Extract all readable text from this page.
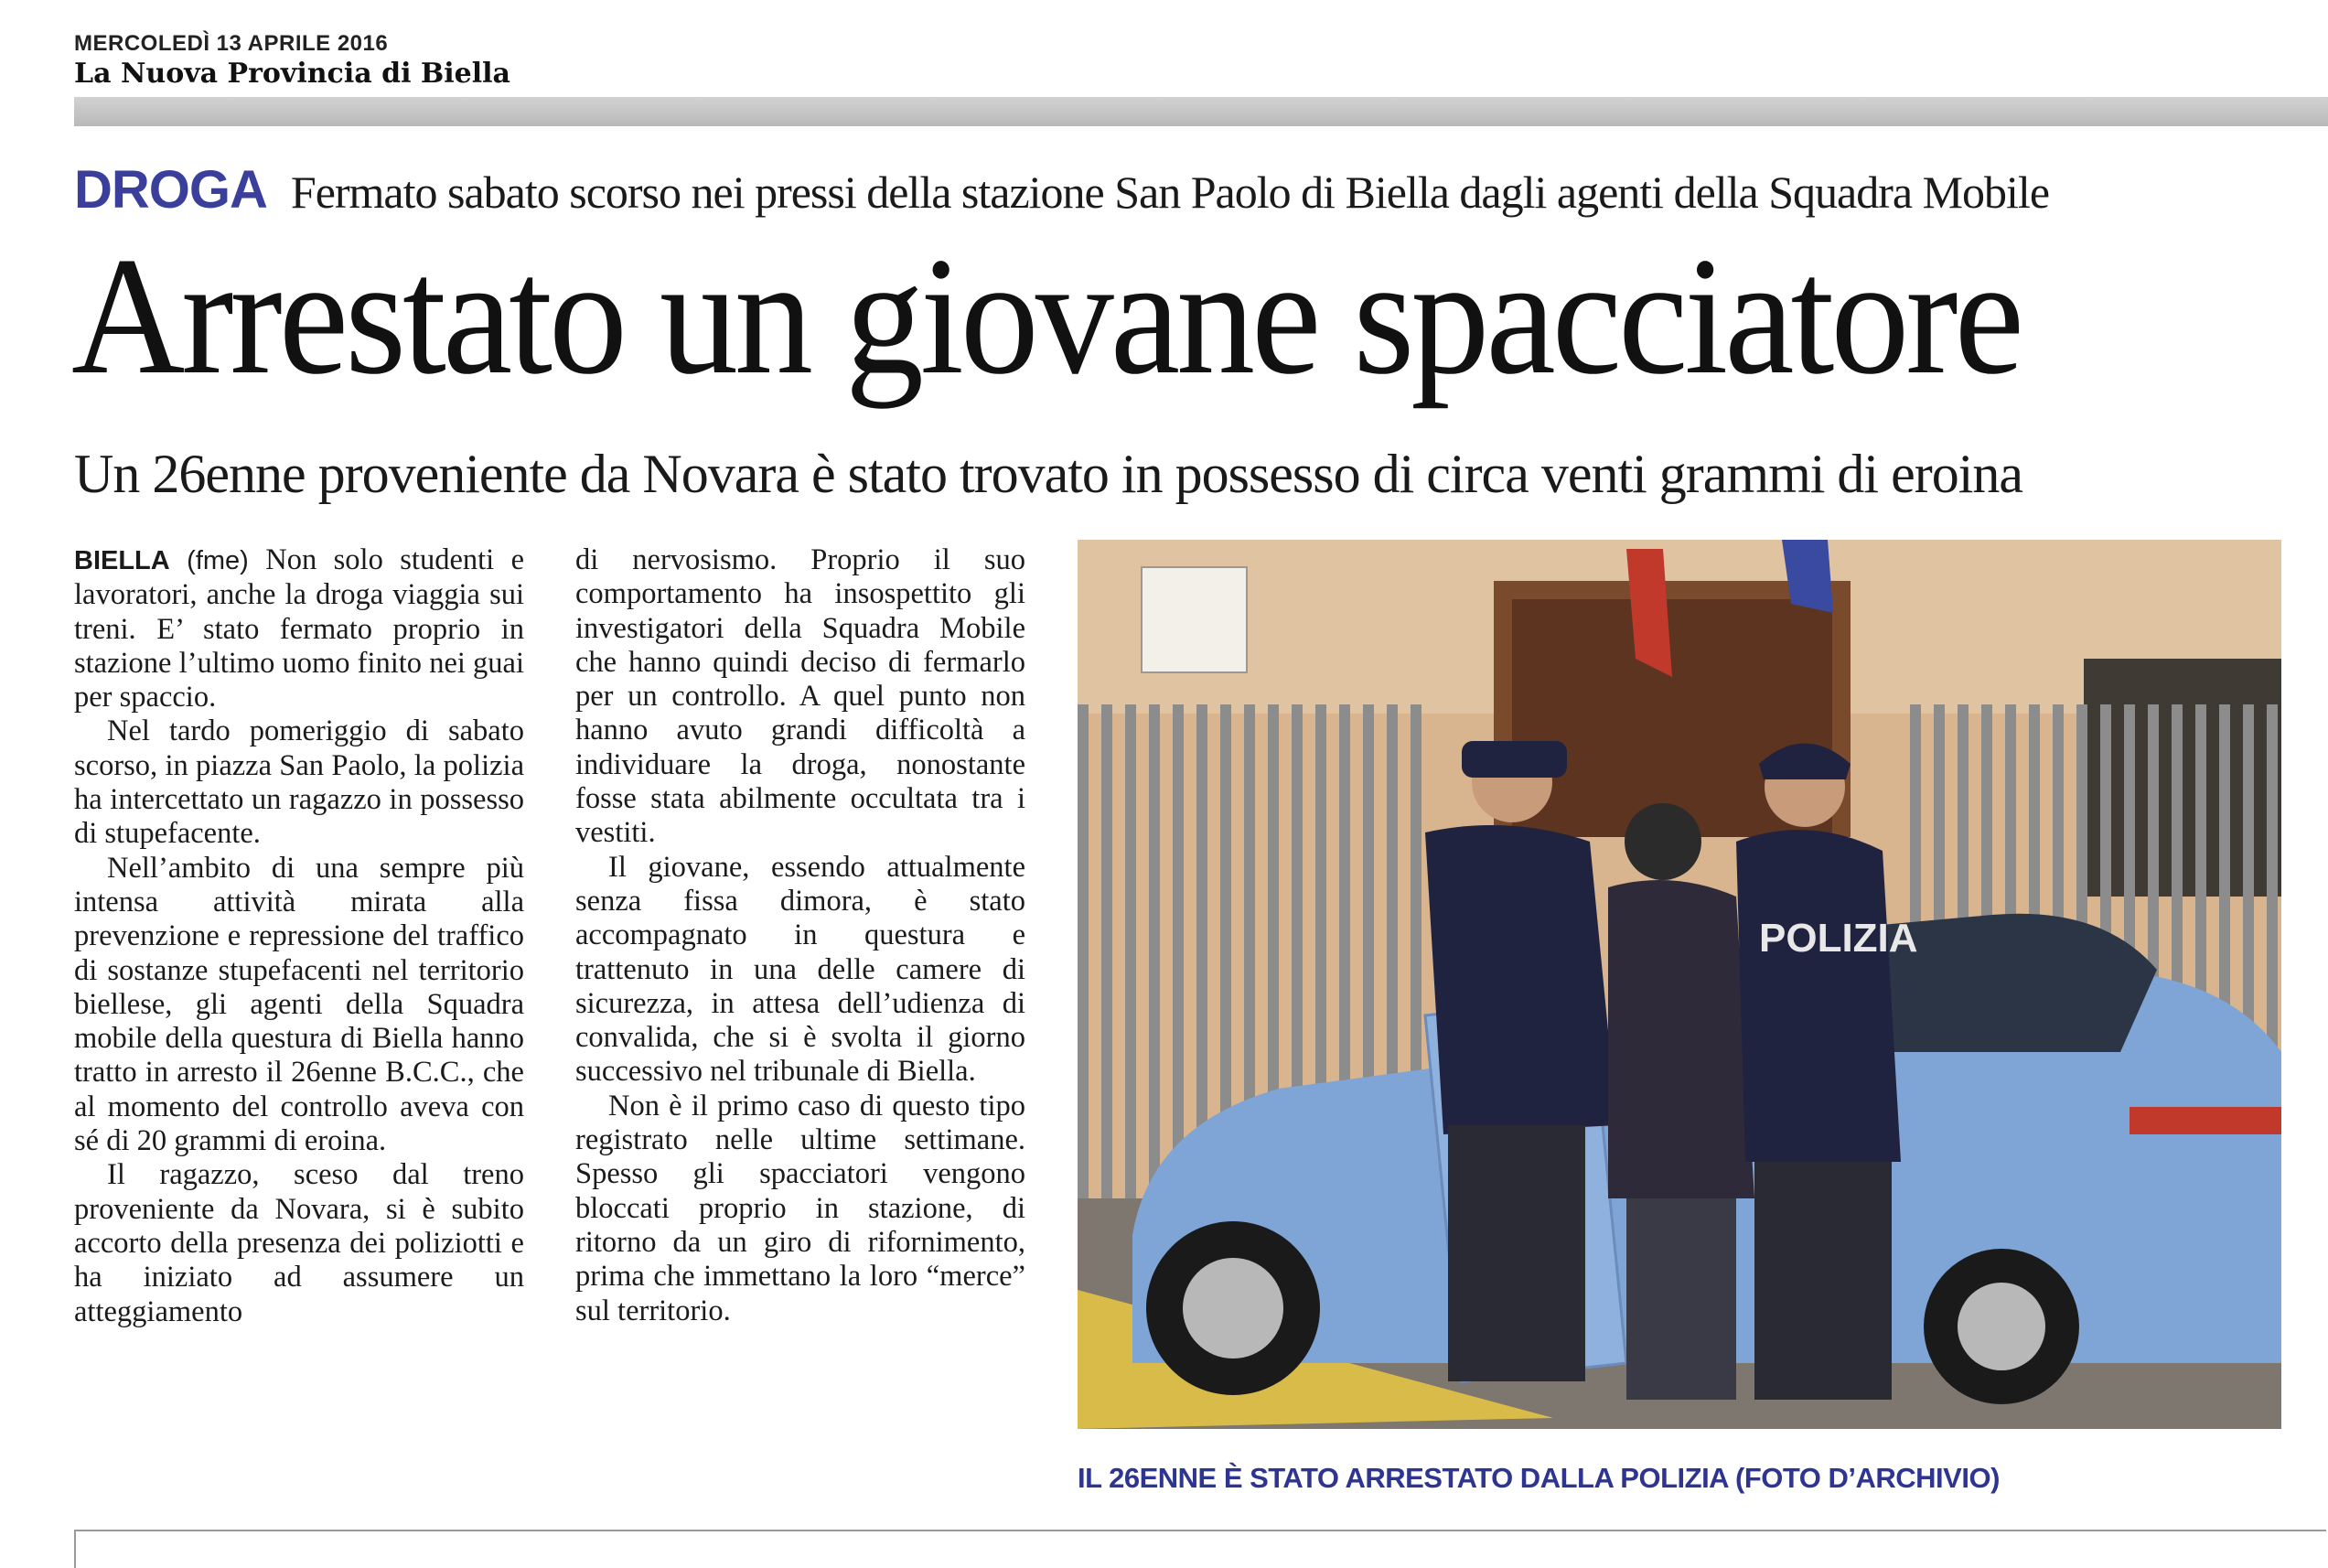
MERCOLEDÌ 13 APRILE 2016
La Nuova Provincia di Biella
DROGA Fermato sabato scorso nei pressi della stazione San Paolo di Biella dagli agenti della Squadra Mobile
Arrestato un giovane spacciatore
Un 26enne proveniente da Novara è stato trovato in possesso di circa venti grammi di eroina

BIELLA (fme) Non solo studenti e lavoratori, anche la droga viaggia sui treni. E’ stato fermato proprio in stazione l’ultimo uomo finito nei guai per spaccio.

Nel tardo pomeriggio di sabato scorso, in piazza San Paolo, la polizia ha intercettato un ragazzo in possesso di stupefacente.

Nell’ambito di una sempre più intensa attività mirata alla prevenzione e repressione del traffico di sostanze stupefacenti nel territorio biellese, gli agenti della Squadra mobile della questura di Biella hanno tratto in arresto il 26enne B.C.C., che al momento del controllo aveva con sé di 20 grammi di eroina.

Il ragazzo, sceso dal treno proveniente da Novara, si è subito accorto della presenza dei poliziotti e ha iniziato ad assumere un atteggiamento

di nervosismo. Proprio il suo comportamento ha insospettito gli investigatori della Squadra Mobile che hanno quindi deciso di fermarlo per un controllo. A quel punto non hanno avuto grandi difficoltà a individuare la droga, nonostante fosse stata abilmente occultata tra i vestiti.

Il giovane, essendo attualmente senza fissa dimora, è stato accompagnato in questura e trattenuto in una delle camere di sicurezza, in attesa dell’udienza di convalida, che si è svolta il giorno successivo nel tribunale di Biella.

Non è il primo caso di questo tipo registrato nelle ultime settimane. Spesso gli spacciatori vengono bloccati proprio in stazione, di ritorno da un giro di rifornimento, prima che immettano la loro “merce” sul territorio.

POLIZIA
IL 26ENNE È STATO ARRESTATO DALLA POLIZIA (FOTO D’ARCHIVIO)
